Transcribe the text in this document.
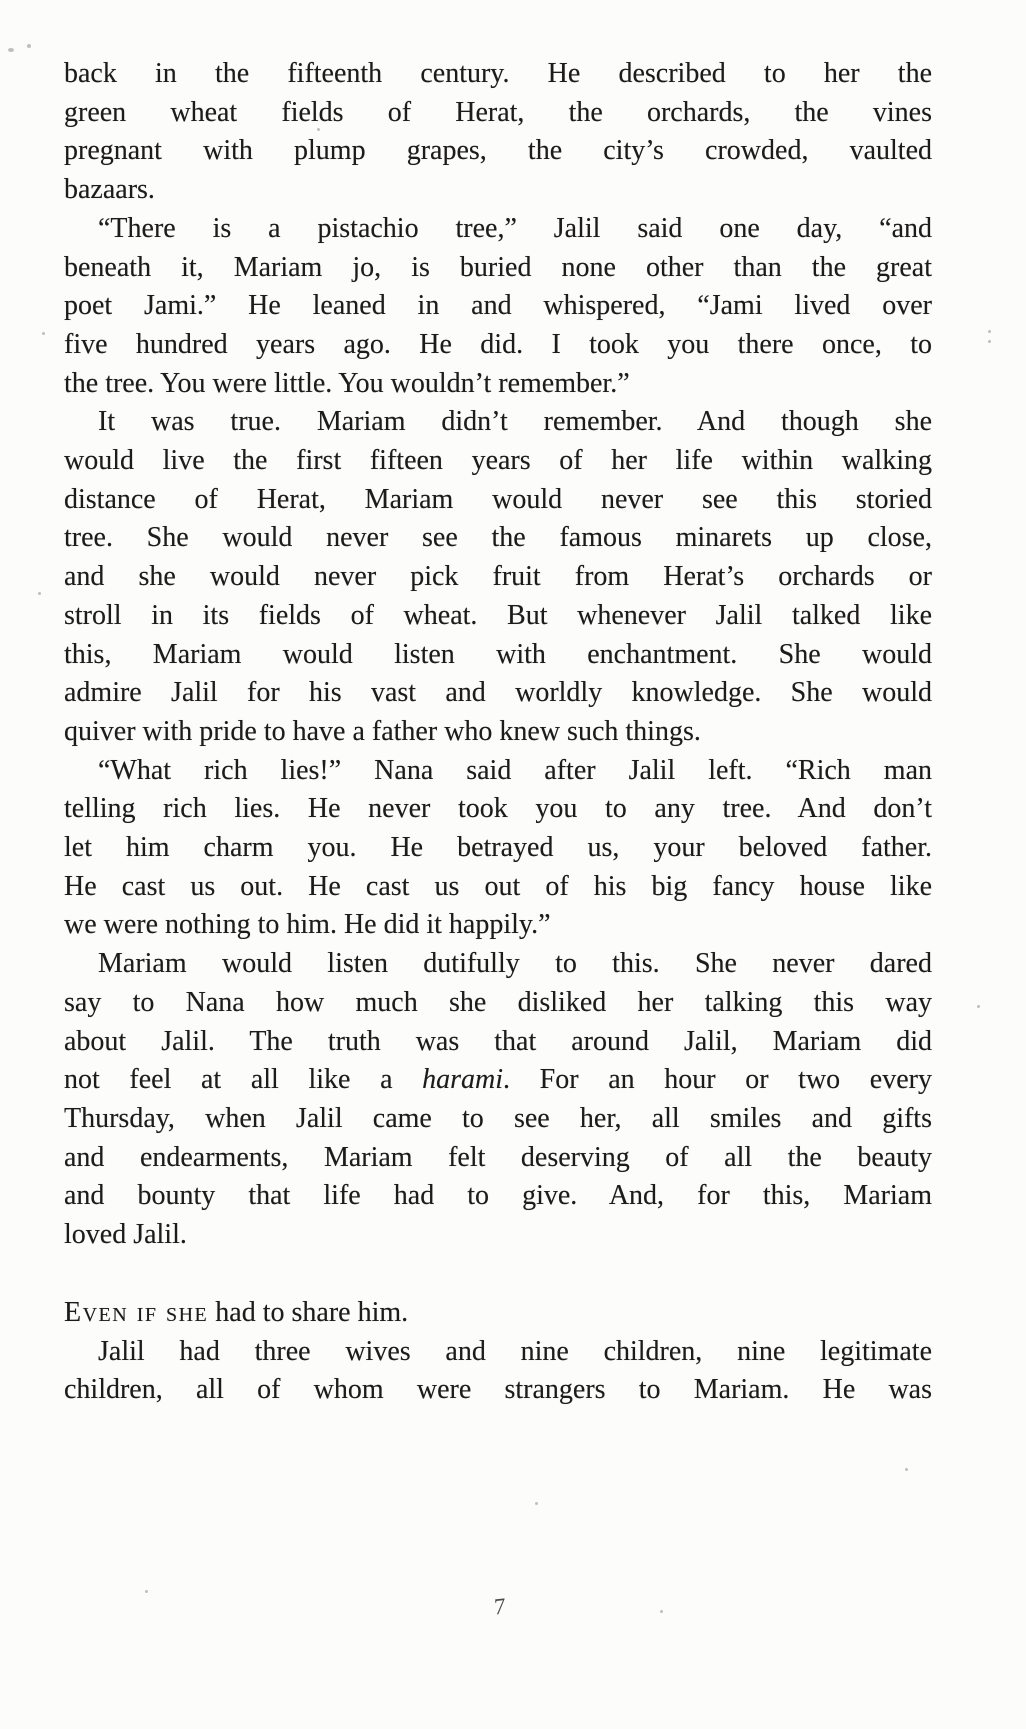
back in the fifteenth century. He described to her the
green wheat fields of Herat, the orchards, the vines
pregnant with plump grapes, the city’s crowded, vaulted
bazaars.
“There is a pistachio tree,” Jalil said one day, “and
beneath it, Mariam jo, is buried none other than the great
poet Jami.” He leaned in and whispered, “Jami lived over
five hundred years ago. He did. I took you there once, to
the tree. You were little. You wouldn’t remember.”
It was true. Mariam didn’t remember. And though she
would live the first fifteen years of her life within walking
distance of Herat, Mariam would never see this storied
tree. She would never see the famous minarets up close,
and she would never pick fruit from Herat’s orchards or
stroll in its fields of wheat. But whenever Jalil talked like
this, Mariam would listen with enchantment. She would
admire Jalil for his vast and worldly knowledge. She would
quiver with pride to have a father who knew such things.
“What rich lies!” Nana said after Jalil left. “Rich man
telling rich lies. He never took you to any tree. And don’t
let him charm you. He betrayed us, your beloved father.
He cast us out. He cast us out of his big fancy house like
we were nothing to him. He did it happily.”
Mariam would listen dutifully to this. She never dared
say to Nana how much she disliked her talking this way
about Jalil. The truth was that around Jalil, Mariam did
not feel at all like a harami. For an hour or two every
Thursday, when Jalil came to see her, all smiles and gifts
and endearments, Mariam felt deserving of all the beauty
and bounty that life had to give. And, for this, Mariam
loved Jalil.
Even if she had to share him.
Jalil had three wives and nine children, nine legitimate
children, all of whom were strangers to Mariam. He was
7
